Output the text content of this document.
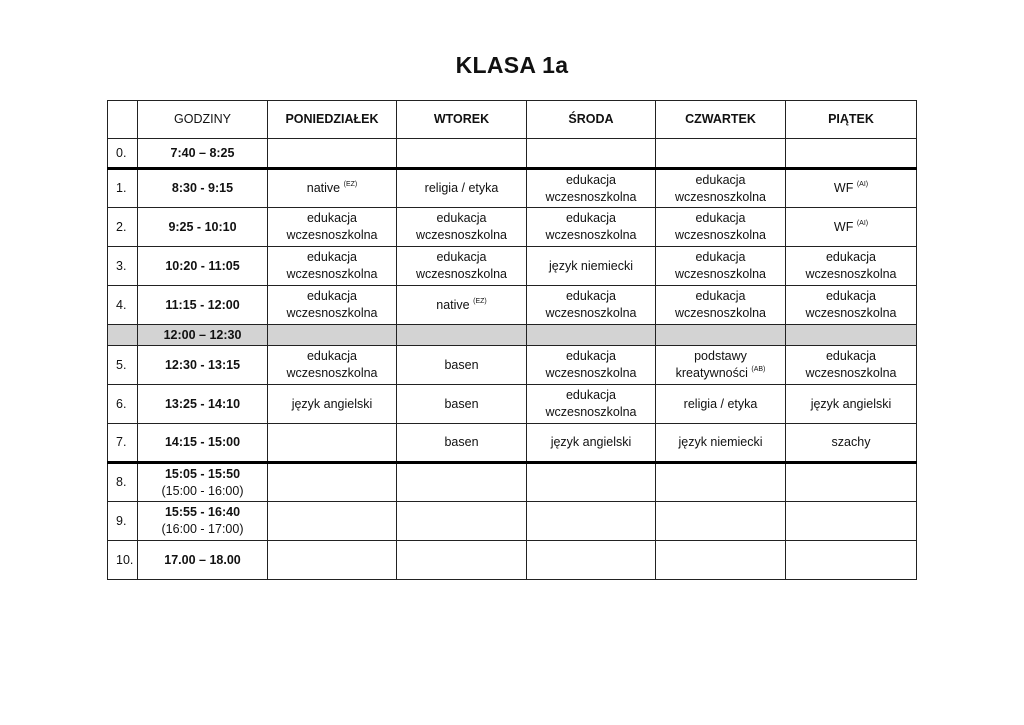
KLASA 1a
	GODZINY	PONIEDZIAŁEK	WTOREK	ŚRODA	CZWARTEK	PIĄTEK
0.	7:40 – 8:25					

1.	8:30 - 9:15	native $^{(EZ)}$	religia / etyka	edukacja wczesnoszkolna	edukacja wczesnoszkolna	WF $^{(AI)}$
2.	9:25 - 10:10	edukacja wczesnoszkolna	edukacja wczesnoszkolna	edukacja wczesnoszkolna	edukacja wczesnoszkolna	WF $^{(AI)}$
3.	10:20 - 11:05	edukacja wczesnoszkolna	edukacja wczesnoszkolna	język niemiecki	edukacja wczesnoszkolna	edukacja wczesnoszkolna
4.	11:15 - 12:00	edukacja wczesnoszkolna	native $^{(EZ)}$	edukacja wczesnoszkolna	edukacja wczesnoszkolna	edukacja wczesnoszkolna

	12:00 – 12:30					

5.	12:30 - 13:15	edukacja wczesnoszkolna	basen	edukacja wczesnoszkolna	podstawy kreatywności $^{(AB)}$	edukacja wczesnoszkolna
6.	13:25 - 14:10	język angielski	basen	edukacja wczesnoszkolna	religia / etyka	język angielski
7.	14:15 - 15:00		basen	język angielski	język niemiecki	szachy
8.	15:05 - 15:50
(15:00 - 16:00)					

9.	15:55 - 16:40
(16:00 - 17:00)					

10.	17.00 – 18.00					
